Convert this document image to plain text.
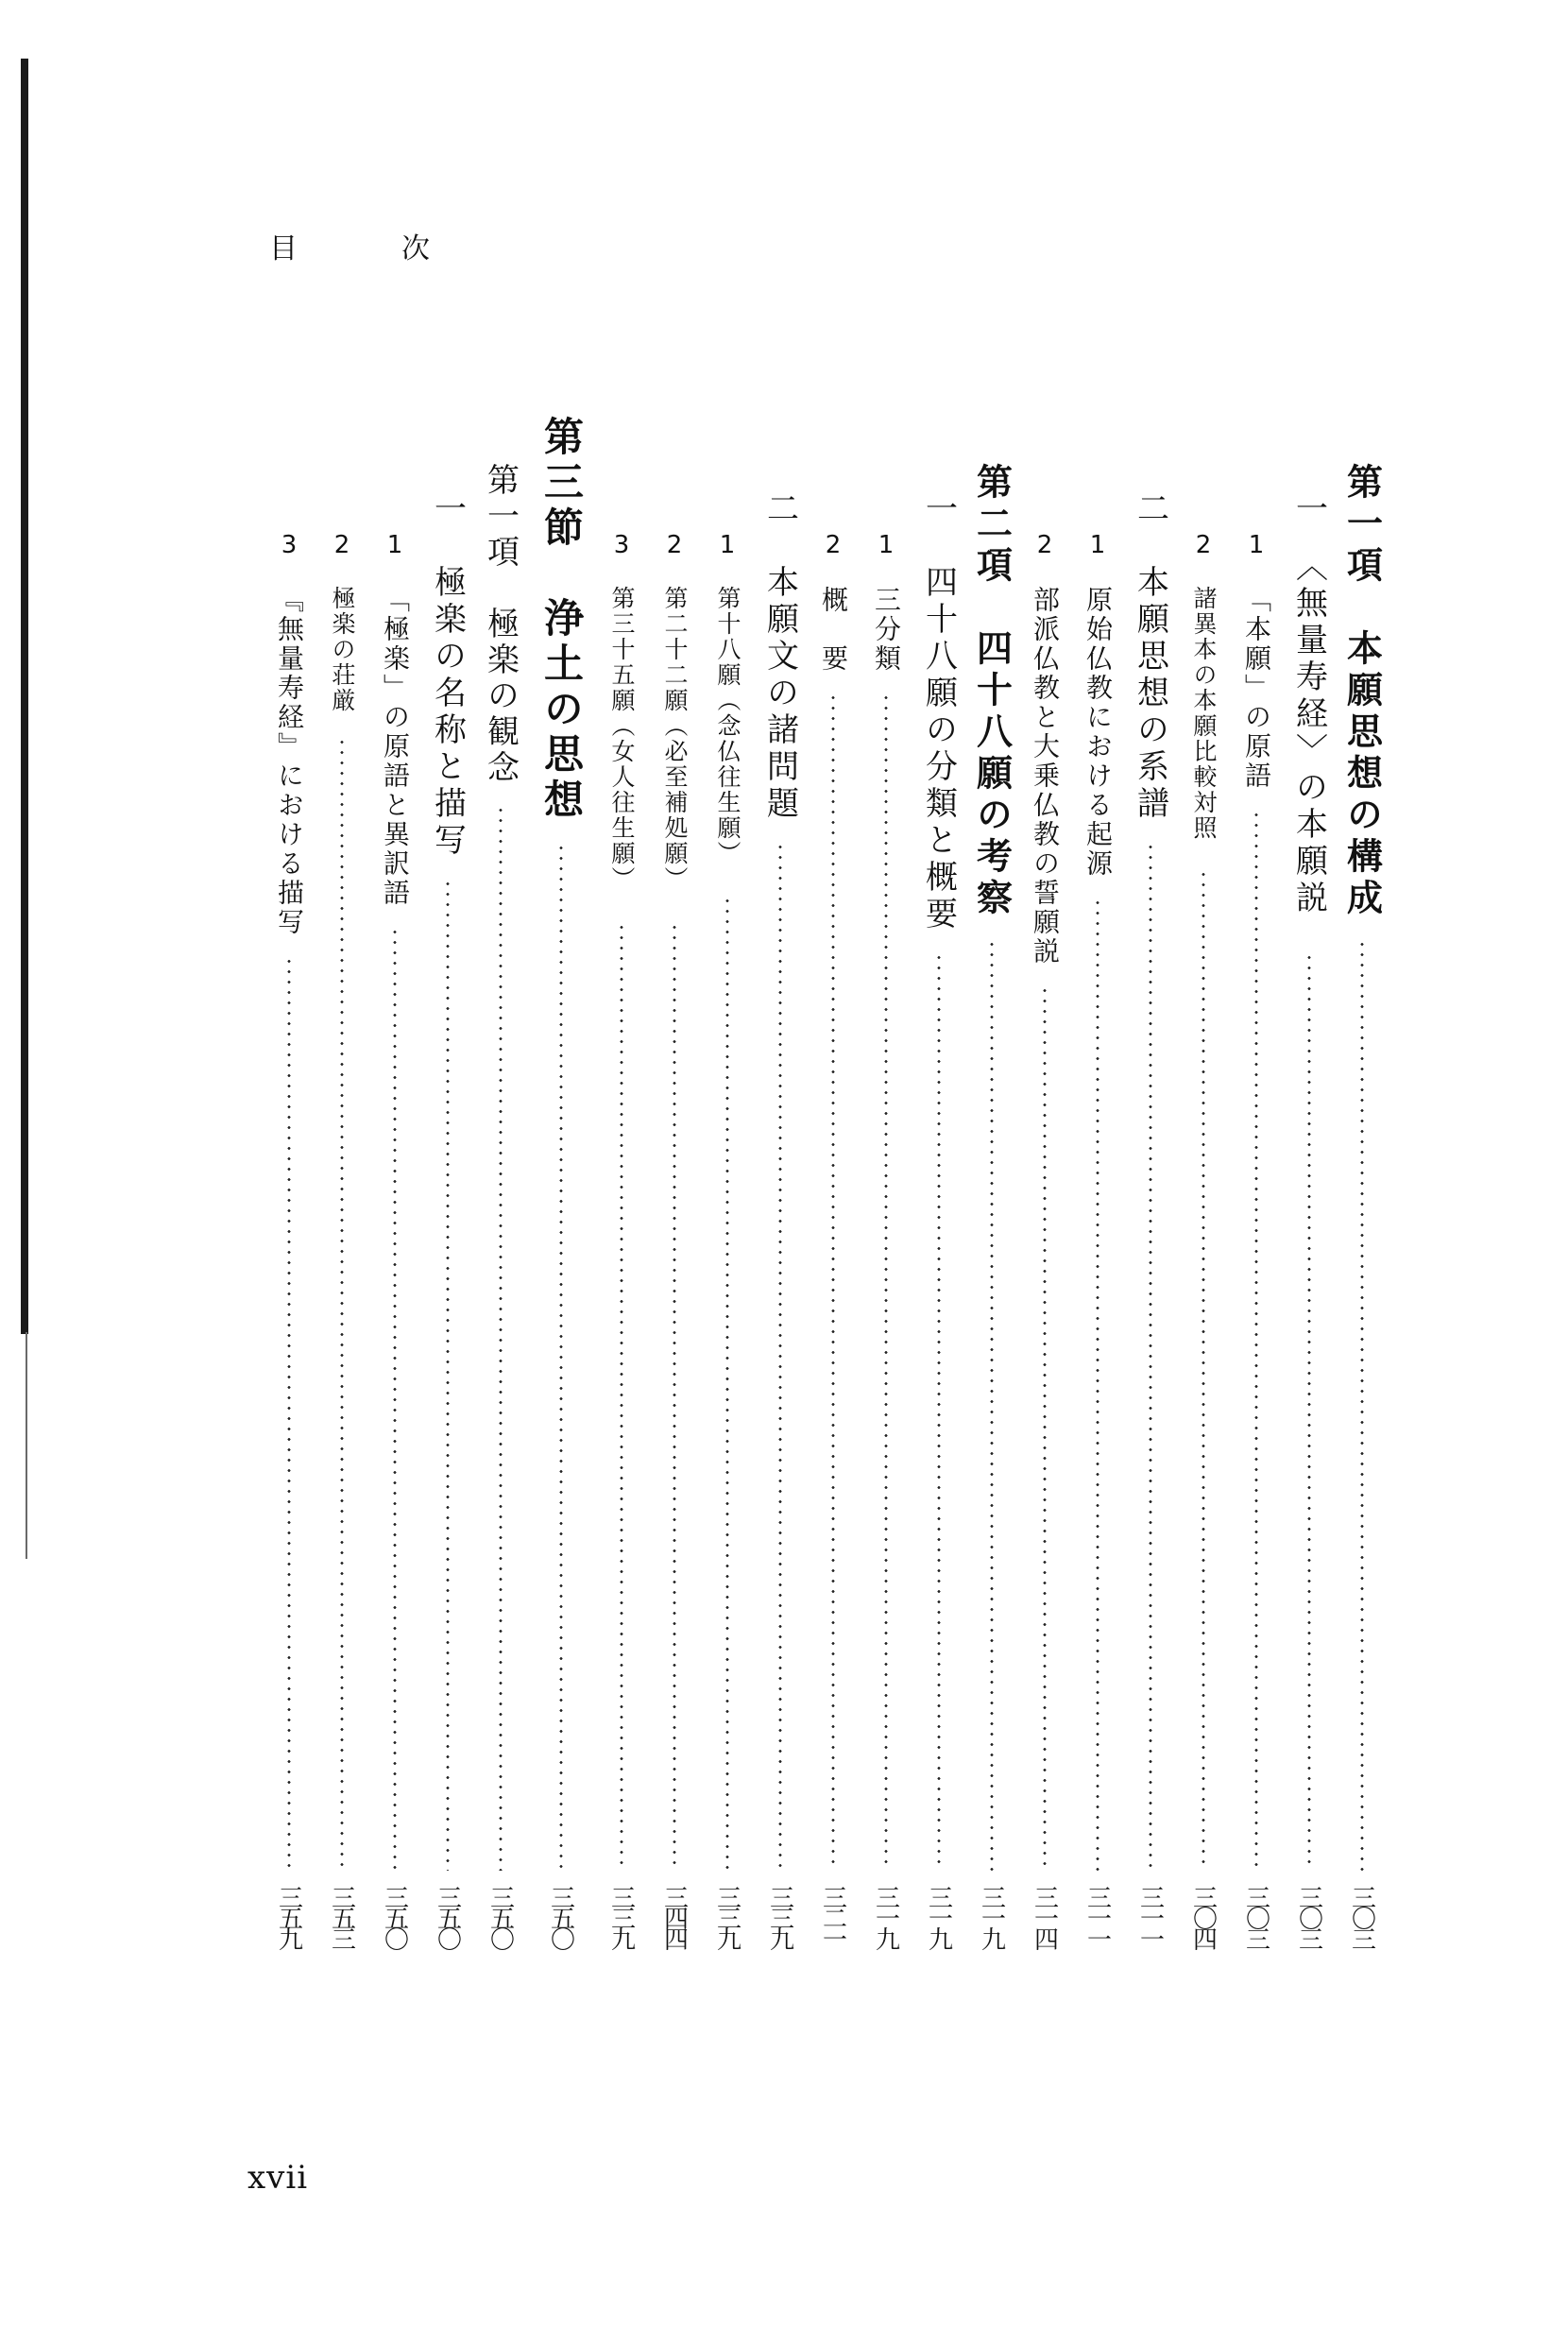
目次
第一項　本願思想の構成
三〇三
一　〈無量寿経〉の本願説
三〇三
1
「本願」の原語
三〇三
2
諸異本の本願比較対照
三〇四
二　本願思想の系譜
三一一
1
原始仏教における起源
三一一
2
部派仏教と大乗仏教の誓願説
三一四
第二項　四十八願の考察
三一九
一　四十八願の分類と概要
三一九
1
三分類
三一九
2
概　要
三二一
二　本願文の諸問題
三三九
1
第十八願（念仏往生願）
三三九
2
第二十二願（必至補処願）
三四四
3
第三十五願（女人往生願）
三三九
第三節　浄土の思想
三五〇
第一項　極楽の観念
三五〇
一　極楽の名称と描写
三五〇
1
「極楽」の原語と異訳語
三五〇
2
極楽の荘厳
三五三
3
『無量寿経』における描写
三五九
xvii
